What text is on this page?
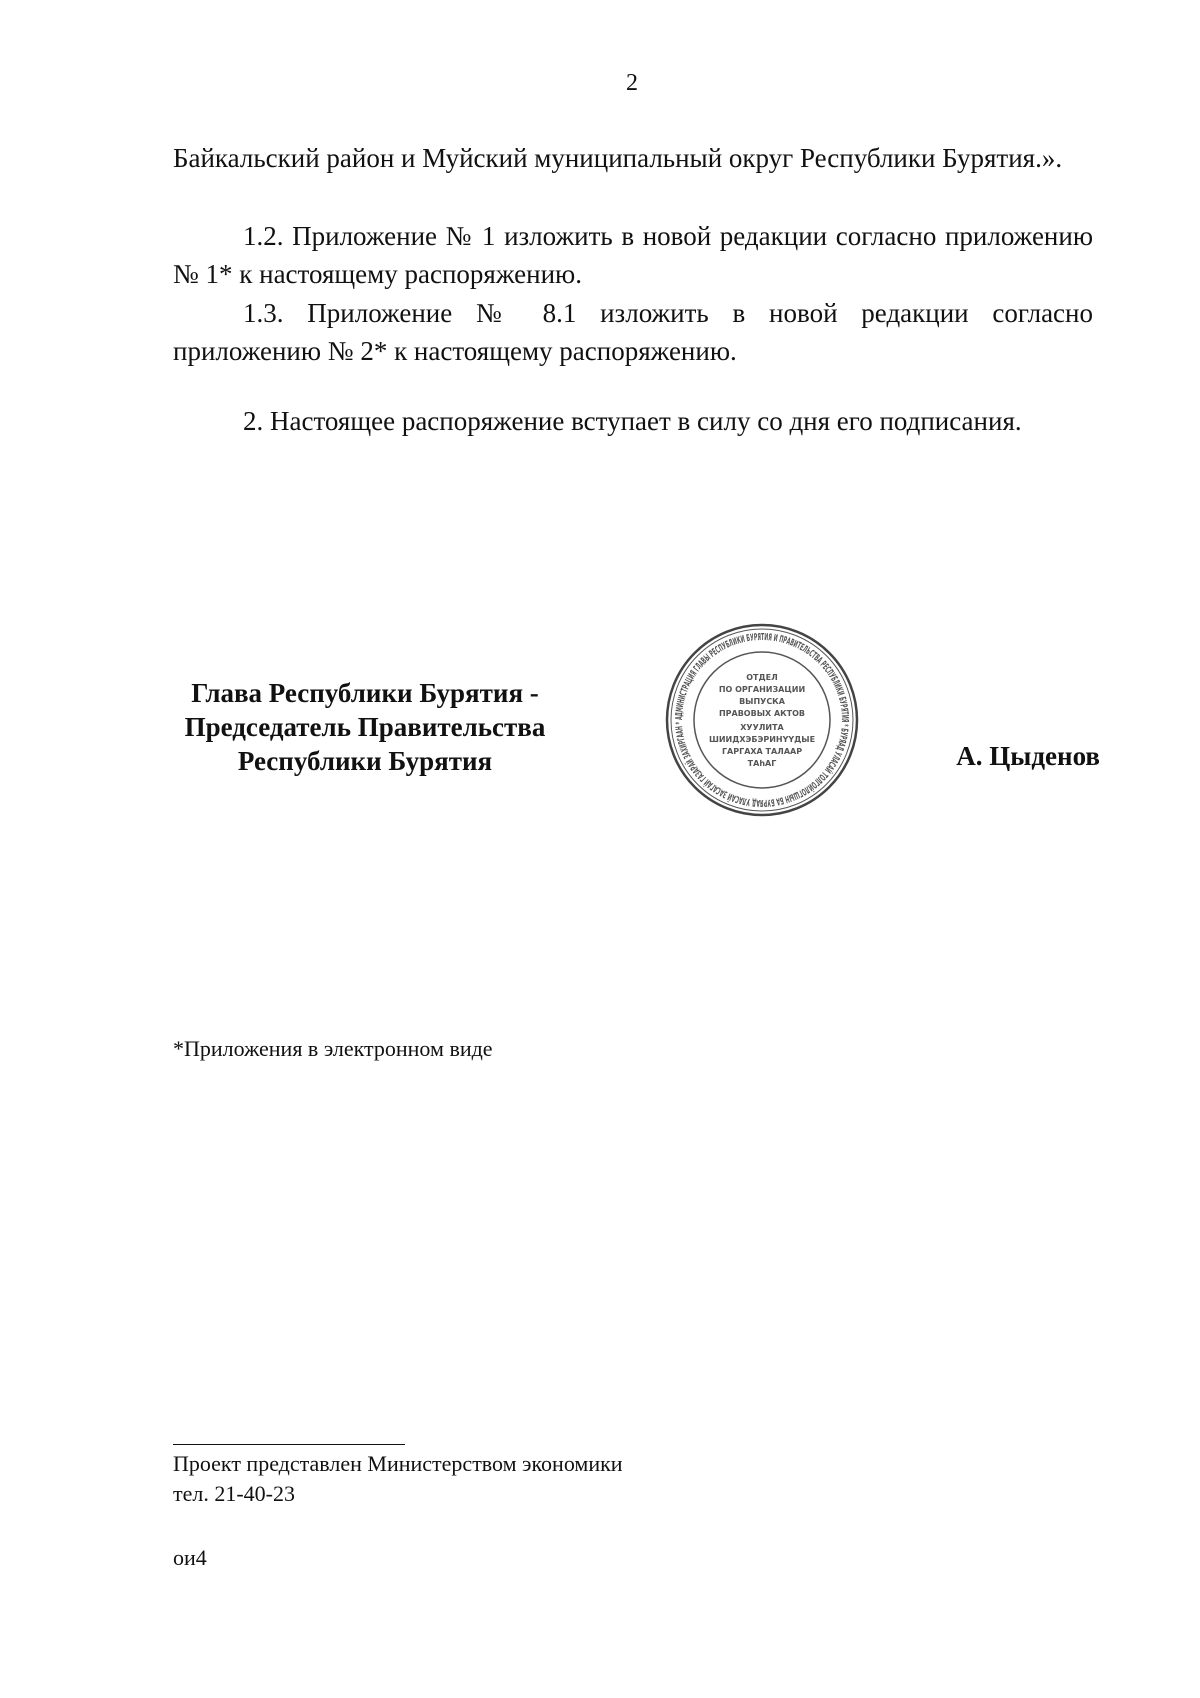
2

Байкальский район и Муйский муниципальный округ Республики Бурятия.».

1.2. Приложение № 1 изложить в новой редакции согласно приложению № 1* к настоящему распоряжению.

1.3. Приложение № 8.1 изложить в новой редакции согласно приложению № 2* к настоящему распоряжению.

2. Настоящее распоряжение вступает в силу со дня его подписания.

Глава Республики Бурятия -
Председатель Правительства
Республики Бурятия
АДМИНИСТРАЦИЯ ГЛАВЫ РЕСПУБЛИКИ БУРЯТИЯ И ПРАВИТЕЛЬСТВА РЕСПУБЛИКИ БУРЯТИЯ * БУРЯАД УЛАСАЙ ТОЛГОЙЛОГШЫН БА БУРЯАД УЛАСАЙ ЗАСАГАЙ ГАЗАРАЙ ЗАХИРГААН *
ОТДЕЛ
ПО ОРГАНИЗАЦИИ
ВЫПУСКА
ПРАВОВЫХ АКТОВ
ХУУЛИТА
ШИИДХЭБЭРИНҮҮДЫЕ
ГАРГАХА ТАЛААР
ТАһАГ	А. Цыденов
*Приложения в электронном виде
Проект представлен Министерством экономики
тел. 21-40-23
ои4
